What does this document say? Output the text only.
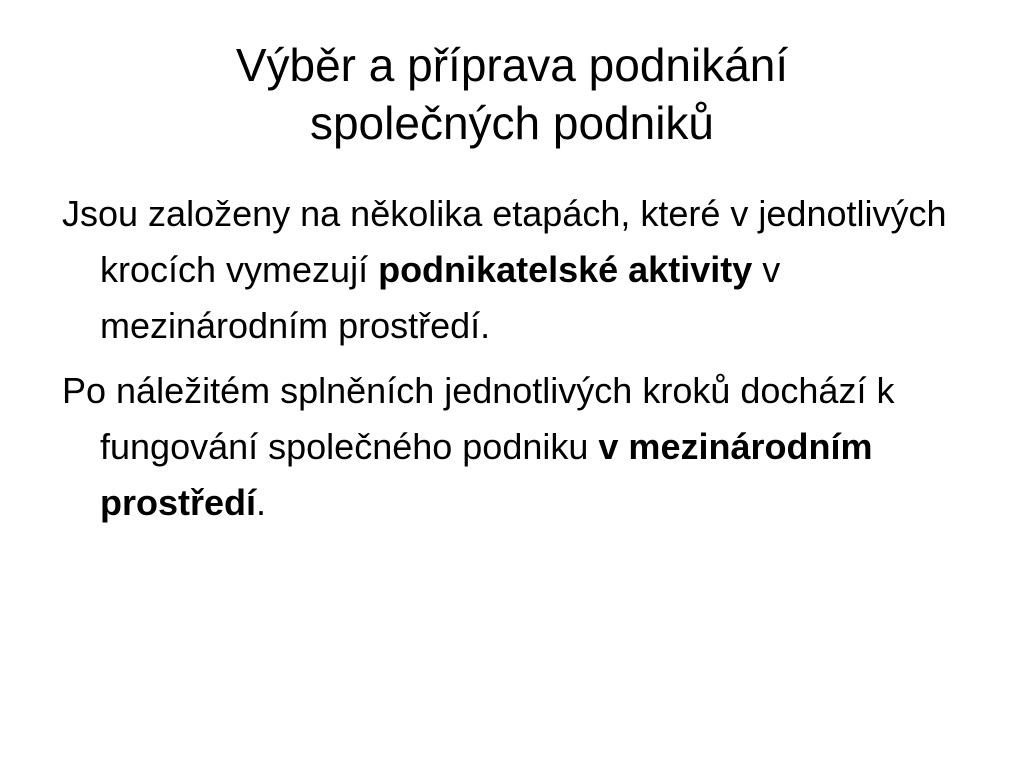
Výběr a příprava podnikání
společných podniků

Jsou založeny na několika etapách, které v jednotlivých krocích vymezují podnikatelské aktivity v mezinárodním prostředí.

Po náležitém splněních jednotlivých kroků dochází k fungování společného podniku v mezinárodním prostředí.
